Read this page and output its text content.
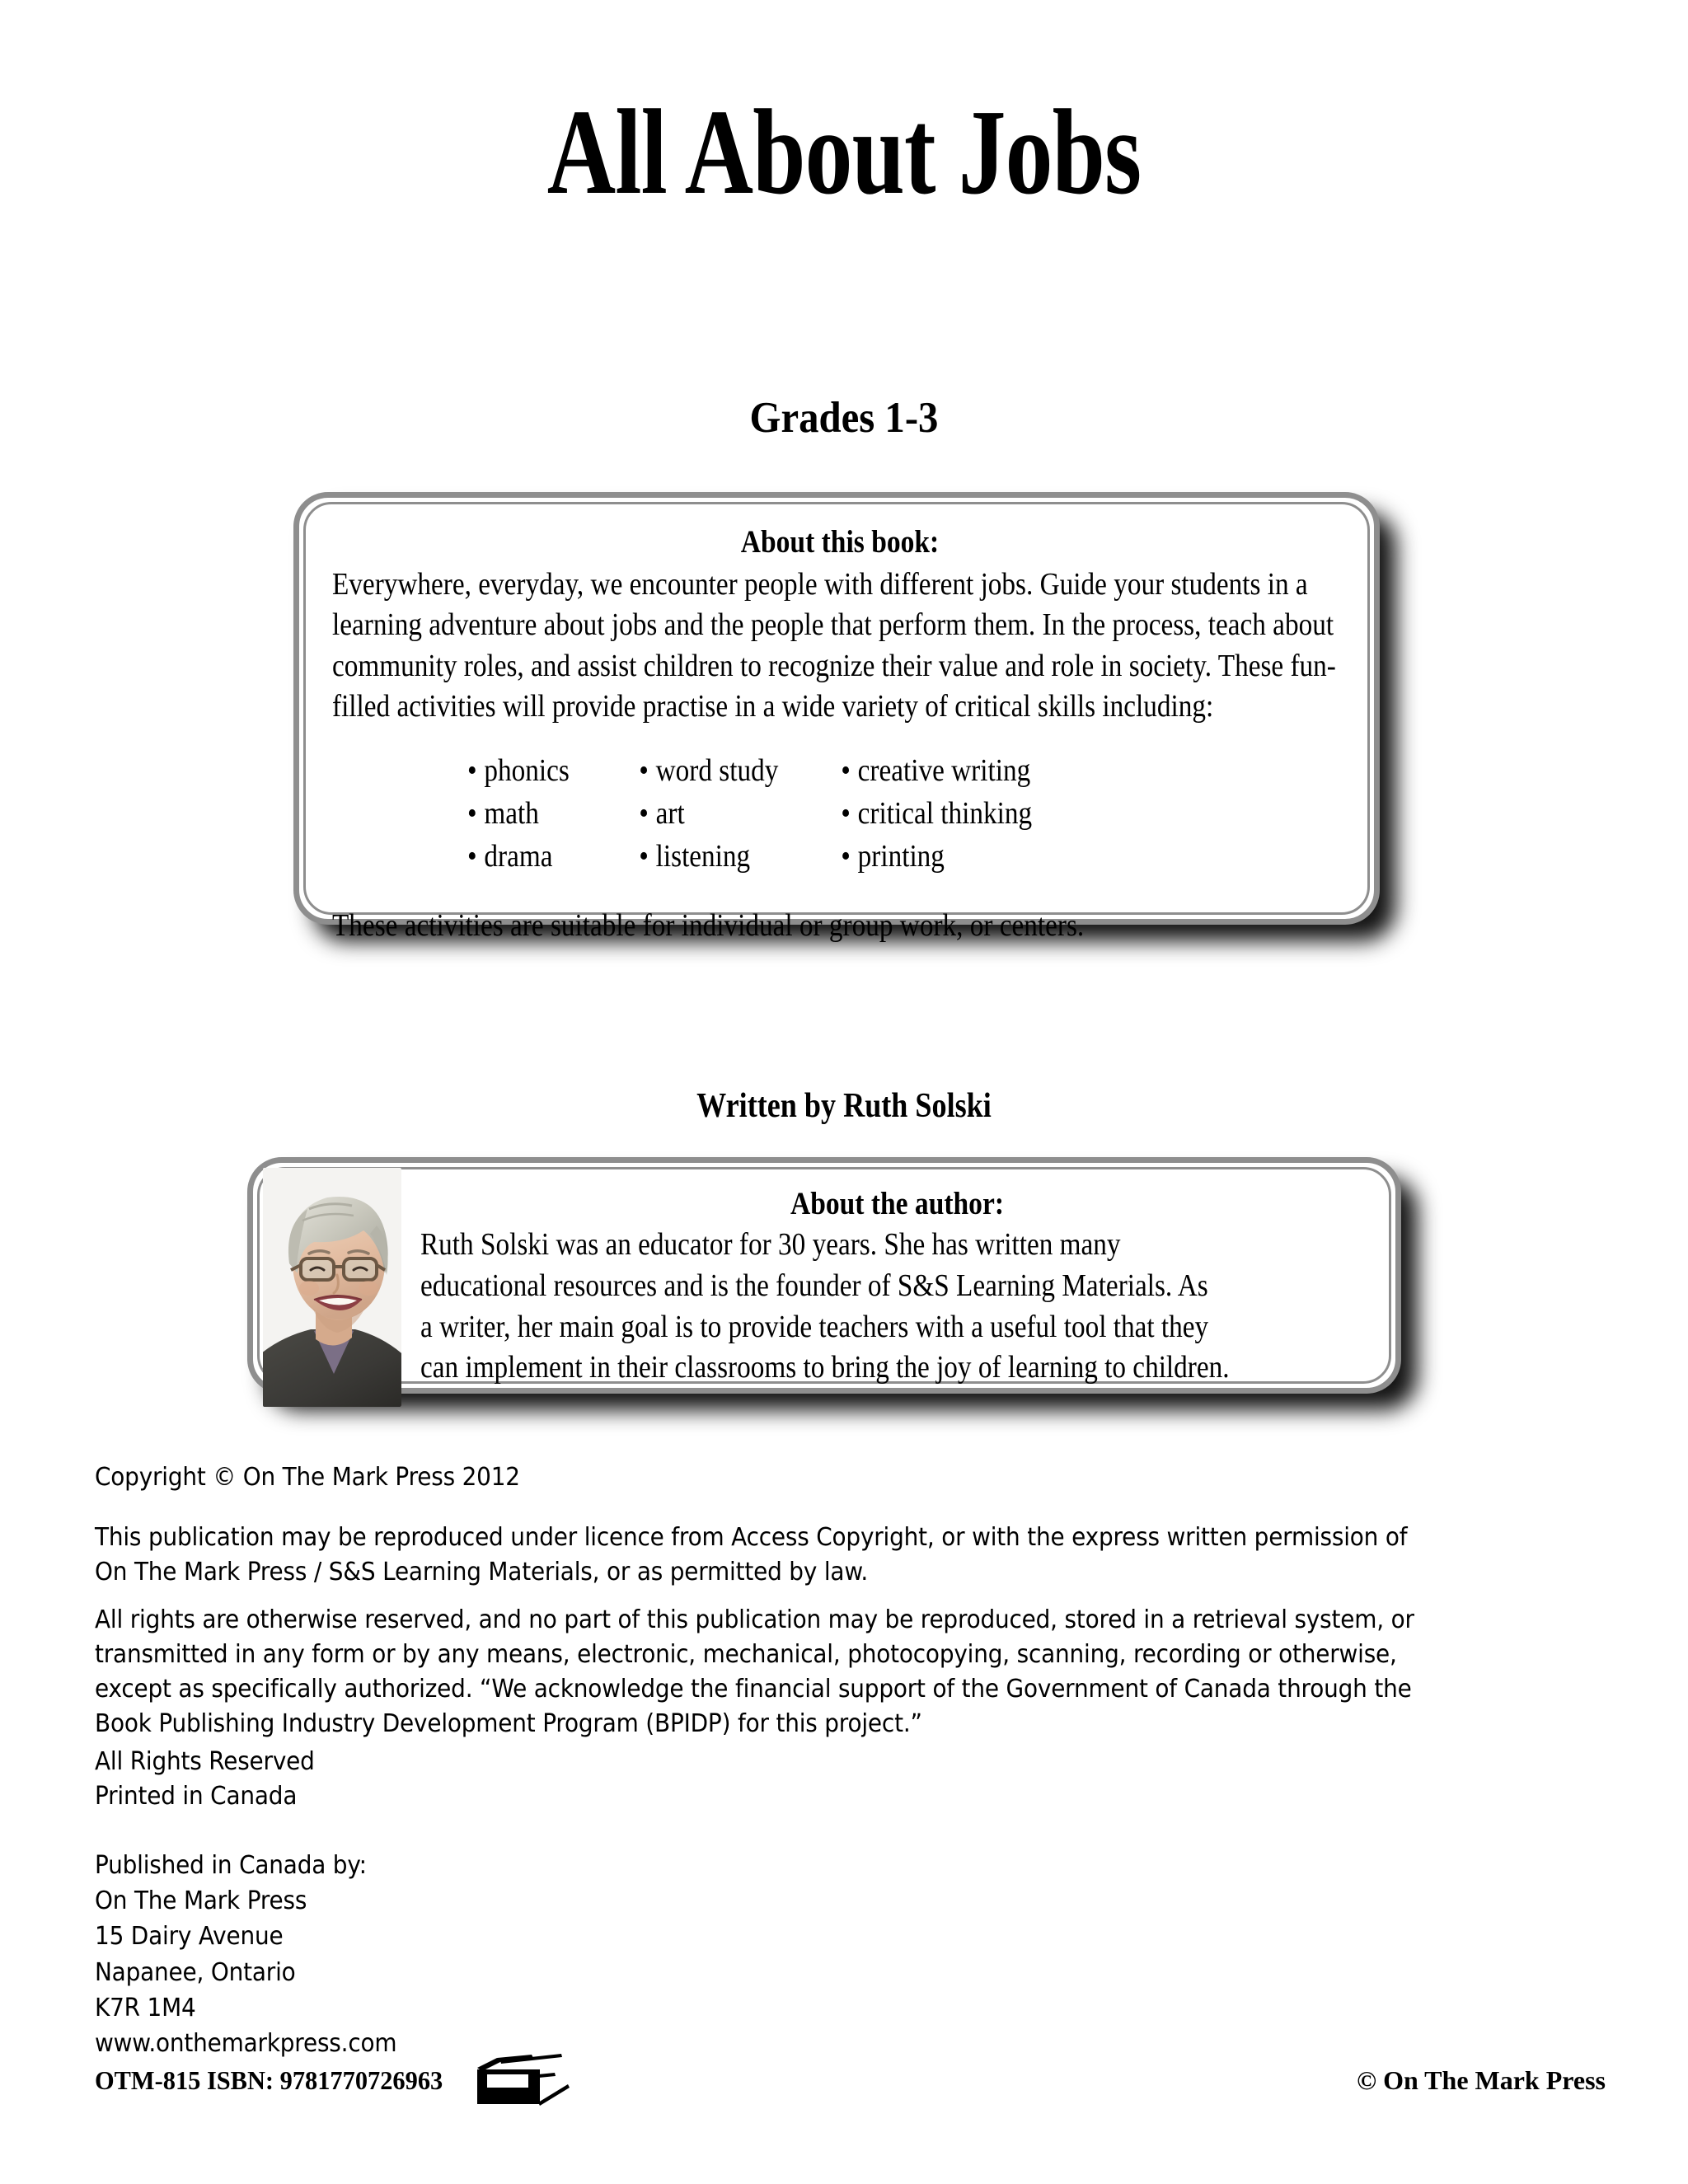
All About Jobs
Grades 1-3
About this book:
Everywhere, everyday, we encounter people with different jobs. Guide your students in a learning adventure about jobs and the people that perform them. In the process, teach about community roles, and assist children to recognize their value and role in society. These fun-filled activities will provide practise in a wide variety of critical skills including:
• phonics	• word study	• creative writing
• math	• art	• critical thinking
• drama	• listening	• printing
These activities are suitable for individual or group work, or centers.
Written by Ruth Solski
About the author:
Ruth Solski was an educator for 30 years. She has written many
educational resources and is the founder of S&S Learning Materials. As
a writer, her main goal is to provide teachers with a useful tool that they
can implement in their classrooms to bring the joy of learning to children.

Copyright © On The Mark Press 2012

This publication may be reproduced under licence from Access Copyright, or with the express written permission of

On The Mark Press / S&S Learning Materials, or as permitted by law.

All rights are otherwise reserved, and no part of this publication may be reproduced, stored in a retrieval system, or

transmitted in any form or by any means, electronic, mechanical, photocopying, scanning, recording or otherwise,

except as specifically authorized. “We acknowledge the financial support of the Government of Canada through the

Book Publishing Industry Development Program (BPIDP) for this project.”

All Rights Reserved

Printed in Canada

Published in Canada by:

On The Mark Press

15 Dairy Avenue

Napanee, Ontario

K7R 1M4

www.onthemarkpress.com

OTM-815 ISBN: 9781770726963	© On The Mark Press
